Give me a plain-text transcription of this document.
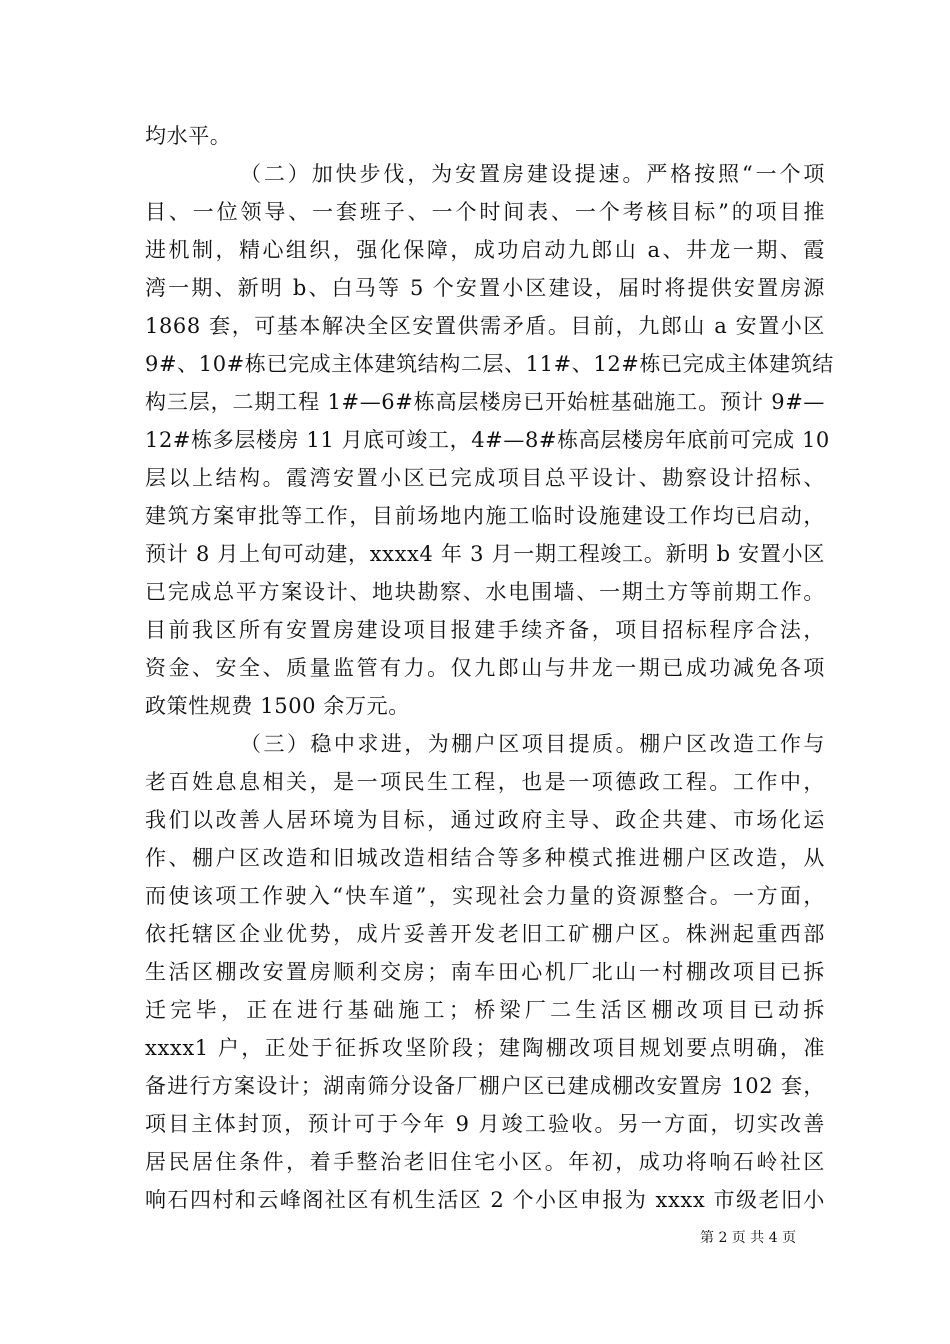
均水平。
（二）加快步伐，为安置房建设提速。严格按照“一个项
目、一位领导、一套班子、一个时间表、一个考核目标”的项目推
进机制，精心组织，强化保障，成功启动九郎山 a、井龙一期、霞
湾一期、新明 b、白马等 5 个安置小区建设，届时将提供安置房源
1868 套，可基本解决全区安置供需矛盾。目前，九郎山 a 安置小区
9#、10#栋已完成主体建筑结构二层、11#、12#栋已完成主体建筑结
构三层，二期工程 1#—6#栋高层楼房已开始桩基础施工。预计 9#—
12#栋多层楼房 11 月底可竣工，4#—8#栋高层楼房年底前可完成 10
层以上结构。霞湾安置小区已完成项目总平设计、勘察设计招标、
建筑方案审批等工作，目前场地内施工临时设施建设工作均已启动，
预计 8 月上旬可动建，xxxx4 年 3 月一期工程竣工。新明 b 安置小区
已完成总平方案设计、地块勘察、水电围墙、一期土方等前期工作。
目前我区所有安置房建设项目报建手续齐备，项目招标程序合法，
资金、安全、质量监管有力。仅九郎山与井龙一期已成功减免各项
政策性规费 1500 余万元。
（三）稳中求进，为棚户区项目提质。棚户区改造工作与
老百姓息息相关，是一项民生工程，也是一项德政工程。工作中，
我们以改善人居环境为目标，通过政府主导、政企共建、市场化运
作、棚户区改造和旧城改造相结合等多种模式推进棚户区改造，从
而使该项工作驶入“快车道”，实现社会力量的资源整合。一方面，
依托辖区企业优势，成片妥善开发老旧工矿棚户区。株洲起重西部
生活区棚改安置房顺利交房；南车田心机厂北山一村棚改项目已拆
迁完毕，正在进行基础施工；桥梁厂二生活区棚改项目已动拆
xxxx1 户，正处于征拆攻坚阶段；建陶棚改项目规划要点明确，准
备进行方案设计；湖南筛分设备厂棚户区已建成棚改安置房 102 套，
项目主体封顶，预计可于今年 9 月竣工验收。另一方面，切实改善
居民居住条件，着手整治老旧住宅小区。年初，成功将响石岭社区
响石四村和云峰阁社区有机生活区 2 个小区申报为 xxxx 市级老旧小
第 2 页 共 4 页
